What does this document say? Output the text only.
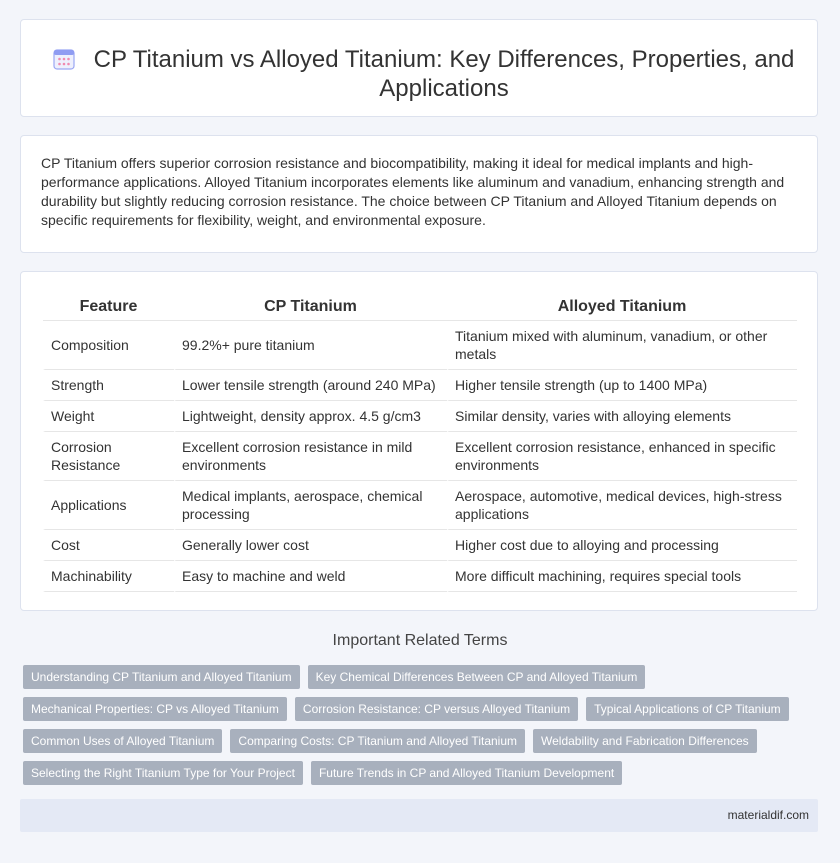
CP Titanium vs Alloyed Titanium: Key Differences, Properties, and Applications

CP Titanium offers superior corrosion resistance and biocompatibility, making it ideal for medical implants and high-performance applications. Alloyed Titanium incorporates elements like aluminum and vanadium, enhancing strength and durability but slightly reducing corrosion resistance. The choice between CP Titanium and Alloyed Titanium depends on specific requirements for flexibility, weight, and environmental exposure.

Feature	CP Titanium	Alloyed Titanium
Composition	99.2%+ pure titanium	Titanium mixed with aluminum, vanadium, or other metals
Strength	Lower tensile strength (around 240 MPa)	Higher tensile strength (up to 1400 MPa)
Weight	Lightweight, density approx. 4.5 g/cm3	Similar density, varies with alloying elements
Corrosion Resistance	Excellent corrosion resistance in mild environments	Excellent corrosion resistance, enhanced in specific environments
Applications	Medical implants, aerospace, chemical processing	Aerospace, automotive, medical devices, high-stress applications
Cost	Generally lower cost	Higher cost due to alloying and processing
Machinability	Easy to machine and weld	More difficult machining, requires special tools
Important Related Terms
Understanding CP Titanium and Alloyed Titanium	Key Chemical Differences Between CP and Alloyed Titanium
Mechanical Properties: CP vs Alloyed Titanium	Corrosion Resistance: CP versus Alloyed Titanium	Typical Applications of CP Titanium
Common Uses of Alloyed Titanium	Comparing Costs: CP Titanium and Alloyed Titanium	Weldability and Fabrication Differences
Selecting the Right Titanium Type for Your Project	Future Trends in CP and Alloyed Titanium Development
materialdif.com
